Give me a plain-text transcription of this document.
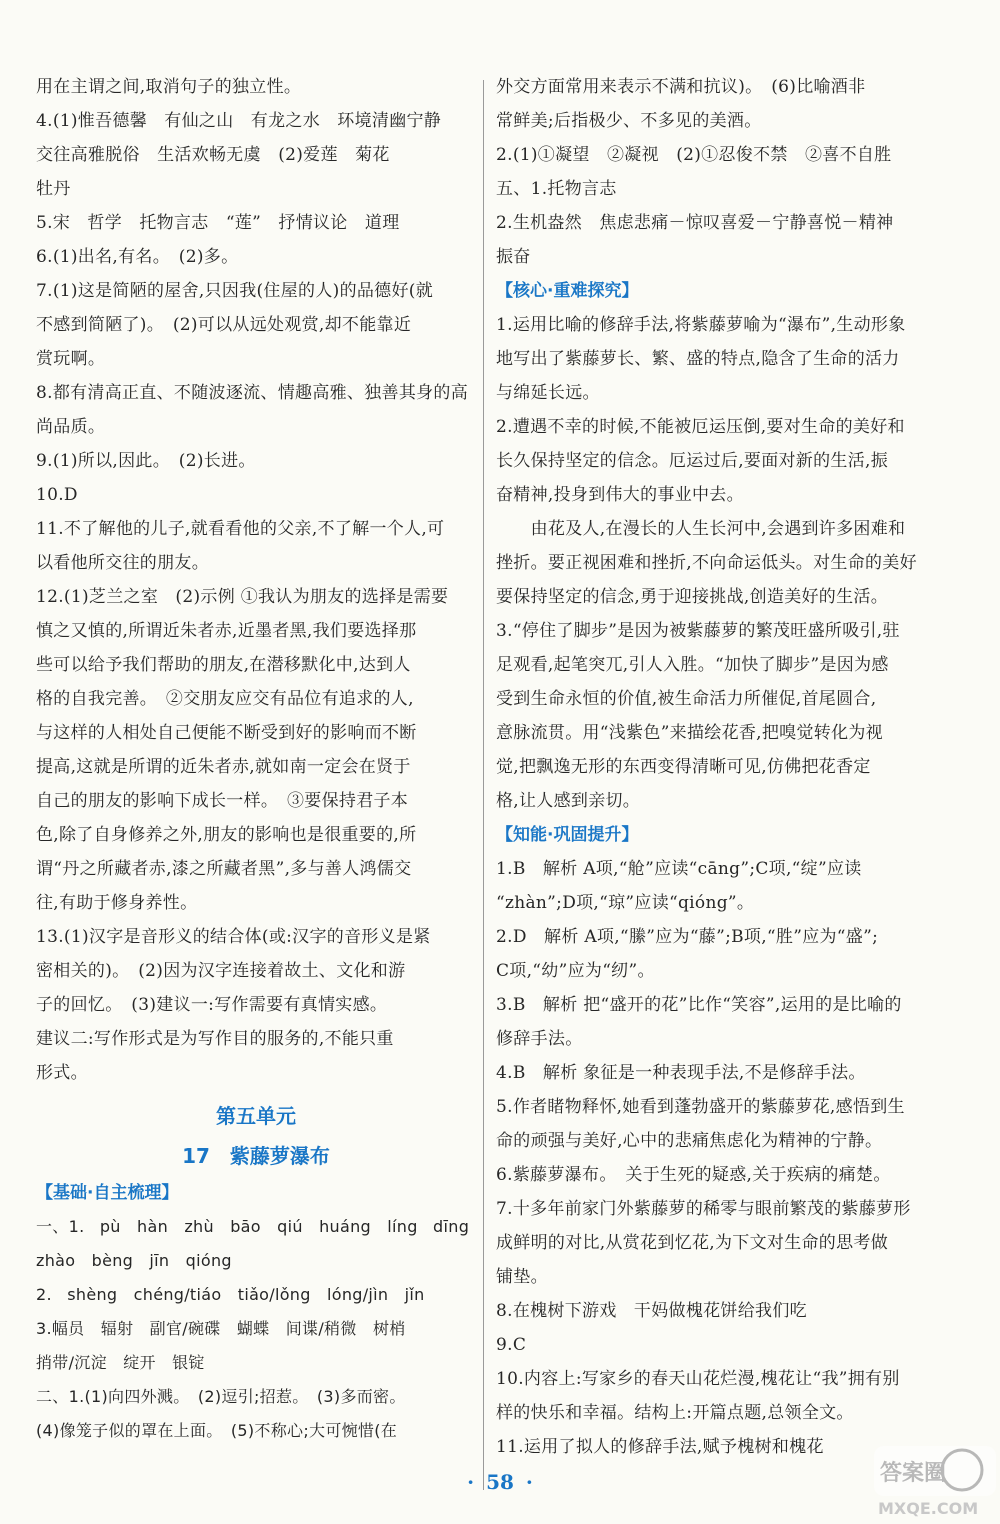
用在主谓之间,取消句子的独立性。
4.(1)惟吾德馨　有仙之山　有龙之水　环境清幽宁静
交往高雅脱俗　生活欢畅无虞　(2)爱莲　菊花
牡丹
5.宋　哲学　托物言志　“莲”　抒情议论　道理
6.(1)出名,有名。　(2)多。
7.(1)这是简陋的屋舍,只因我(住屋的人)的品德好(就
不感到简陋了)。　(2)可以从远处观赏,却不能靠近
赏玩啊。
8.都有清高正直、不随波逐流、情趣高雅、独善其身的高
尚品质。
9.(1)所以,因此。　(2)长进。
10.D
11.不了解他的儿子,就看看他的父亲,不了解一个人,可
以看他所交往的朋友。
12.(1)芝兰之室　(2)示例 ①我认为朋友的选择是需要
慎之又慎的,所谓近朱者赤,近墨者黑,我们要选择那
些可以给予我们帮助的朋友,在潜移默化中,达到人
格的自我完善。　②交朋友应交有品位有追求的人,
与这样的人相处自己便能不断受到好的影响而不断
提高,这就是所谓的近朱者赤,就如南一定会在贤于
自己的朋友的影响下成长一样。　③要保持君子本
色,除了自身修养之外,朋友的影响也是很重要的,所
谓“丹之所藏者赤,漆之所藏者黑”,多与善人鸿儒交
往,有助于修身养性。
13.(1)汉字是音形义的结合体(或:汉字的音形义是紧
密相关的)。　(2)因为汉字连接着故土、文化和游
子的回忆。　(3)建议一:写作需要有真情实感。
建议二:写作形式是为写作目的服务的,不能只重
形式。
第五单元
17　紫藤萝瀑布
【基础·自主梳理】
一、1. pù　hàn　zhù　bāo　qiú　huáng　líng dīng
zhào　bèng　jīn　qióng
2. shèng　chéng/tiáo　tiǎo/lǒng　lóng/jìn　jǐn
3.幅员　辐射　副官/碗碟　蝴蝶　间谍/稍微　树梢
捎带/沉淀　绽开　银锭
二、1.(1)向四外溅。　(2)逗引;招惹。　(3)多而密。
(4)像笼子似的罩在上面。　(5)不称心;大可惋惜(在
外交方面常用来表示不满和抗议)。　(6)比喻酒非
常鲜美;后指极少、不多见的美酒。
2.(1)①凝望　②凝视　(2)①忍俊不禁　②喜不自胜
五、1.托物言志
2.生机盎然　焦虑悲痛－惊叹喜爱－宁静喜悦－精神
振奋
【核心·重难探究】
1.运用比喻的修辞手法,将紫藤萝喻为“瀑布”,生动形象
地写出了紫藤萝长、繁、盛的特点,隐含了生命的活力
与绵延长远。
2.遭遇不幸的时候,不能被厄运压倒,要对生命的美好和
长久保持坚定的信念。厄运过后,要面对新的生活,振
奋精神,投身到伟大的事业中去。
　　由花及人,在漫长的人生长河中,会遇到许多困难和
挫折。要正视困难和挫折,不向命运低头。对生命的美好
要保持坚定的信念,勇于迎接挑战,创造美好的生活。
3.“停住了脚步”是因为被紫藤萝的繁茂旺盛所吸引,驻
足观看,起笔突兀,引人入胜。“加快了脚步”是因为感
受到生命永恒的价值,被生命活力所催促,首尾圆合,
意脉流贯。用“浅紫色”来描绘花香,把嗅觉转化为视
觉,把飘逸无形的东西变得清晰可见,仿佛把花香定
格,让人感到亲切。
【知能·巩固提升】
1.B　解析 A项,“舱”应读“cāng”;C项,“绽”应读
“zhàn”;D项,“琼”应读“qióng”。
2.D　解析 A项,“縢”应为“藤”;B项,“胜”应为“盛”;
C项,“幼”应为“纫”。
3.B　解析 把“盛开的花”比作“笑容”,运用的是比喻的
修辞手法。
4.B　解析 象征是一种表现手法,不是修辞手法。
5.作者睹物释怀,她看到蓬勃盛开的紫藤萝花,感悟到生
命的顽强与美好,心中的悲痛焦虑化为精神的宁静。
6.紫藤萝瀑布。　关于生死的疑惑,关于疾病的痛楚。
7.十多年前家门外紫藤萝的稀零与眼前繁茂的紫藤萝形
成鲜明的对比,从赏花到忆花,为下文对生命的思考做
铺垫。
8.在槐树下游戏　干妈做槐花饼给我们吃
9.C
10.内容上:写家乡的春天山花烂漫,槐花让“我”拥有别
样的快乐和幸福。结构上:开篇点题,总领全文。
11.运用了拟人的修辞手法,赋予槐树和槐花
· 58 ·	答案圈
MXQE.COM
